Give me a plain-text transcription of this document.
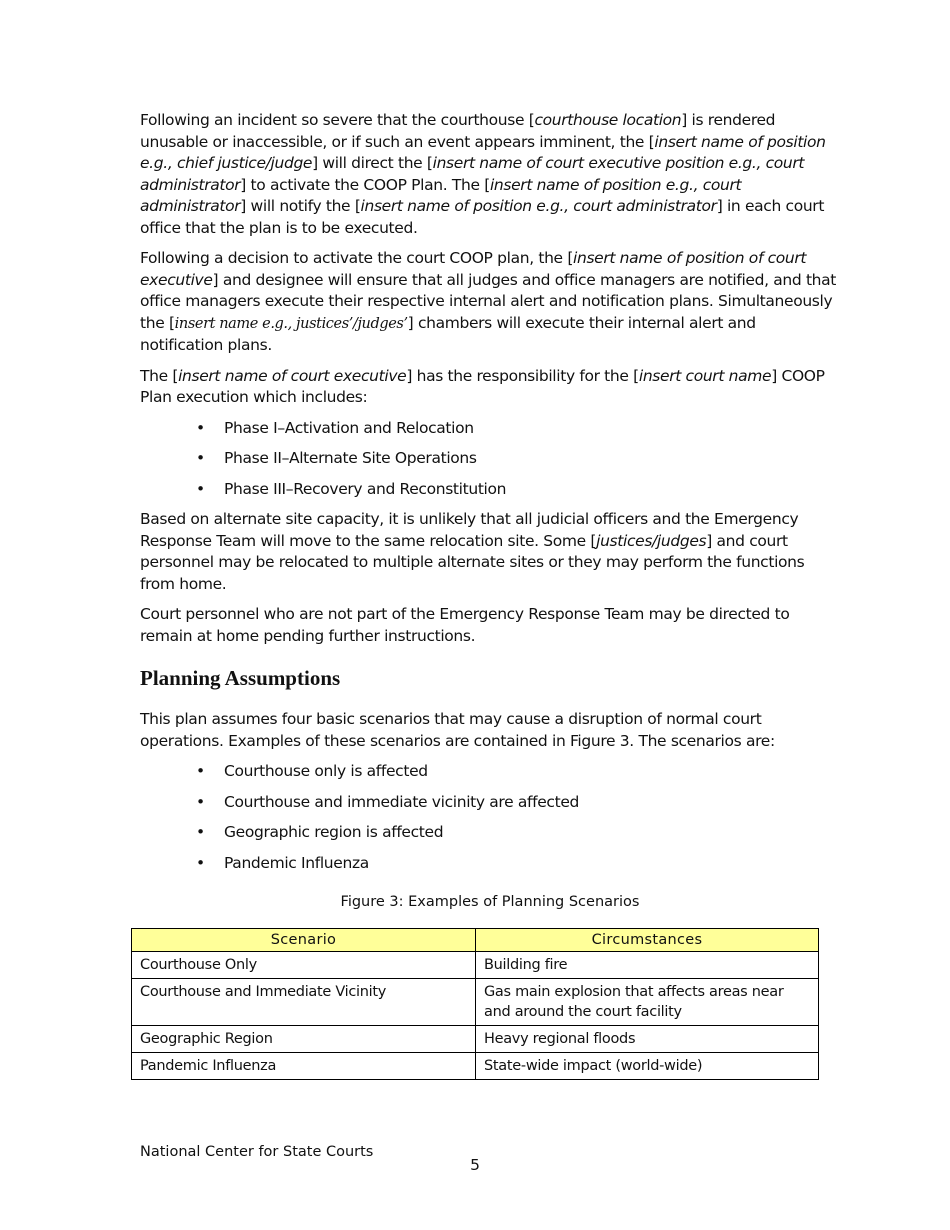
Following an incident so severe that the courthouse [courthouse location] is rendered unusable or inaccessible, or if such an event appears imminent, the [insert name of position e.g., chief justice/judge] will direct the [insert name of court executive position e.g., court administrator] to activate the COOP Plan. The [insert name of position e.g., court administrator] will notify the [insert name of position e.g., court administrator] in each court office that the plan is to be executed.

Following a decision to activate the court COOP plan, the [insert name of position of court executive] and designee will ensure that all judges and office managers are notified, and that office managers execute their respective internal alert and notification plans. Simultaneously the [insert name e.g., justices’/judges’] chambers will execute their internal alert and notification plans.

The [insert name of court executive] has the responsibility for the [insert court name] COOP Plan execution which includes:

• Phase I–Activation and Relocation
• Phase II–Alternate Site Operations
• Phase III–Recovery and Reconstitution

Based on alternate site capacity, it is unlikely that all judicial officers and the Emergency Response Team will move to the same relocation site. Some [justices/judges] and court personnel may be relocated to multiple alternate sites or they may perform the functions from home.

Court personnel who are not part of the Emergency Response Team may be directed to remain at home pending further instructions.

Planning Assumptions

This plan assumes four basic scenarios that may cause a disruption of normal court operations. Examples of these scenarios are contained in Figure 3. The scenarios are:

• Courthouse only is affected
• Courthouse and immediate vicinity are affected
• Geographic region is affected
• Pandemic Influenza
Figure 3: Examples of Planning Scenarios
Scenario	Circumstances
Courthouse Only	Building fire
Courthouse and Immediate Vicinity	Gas main explosion that affects areas near and around the court facility
Geographic Region	Heavy regional floods
Pandemic Influenza	State-wide impact (world-wide)
National Center for State Courts
5
